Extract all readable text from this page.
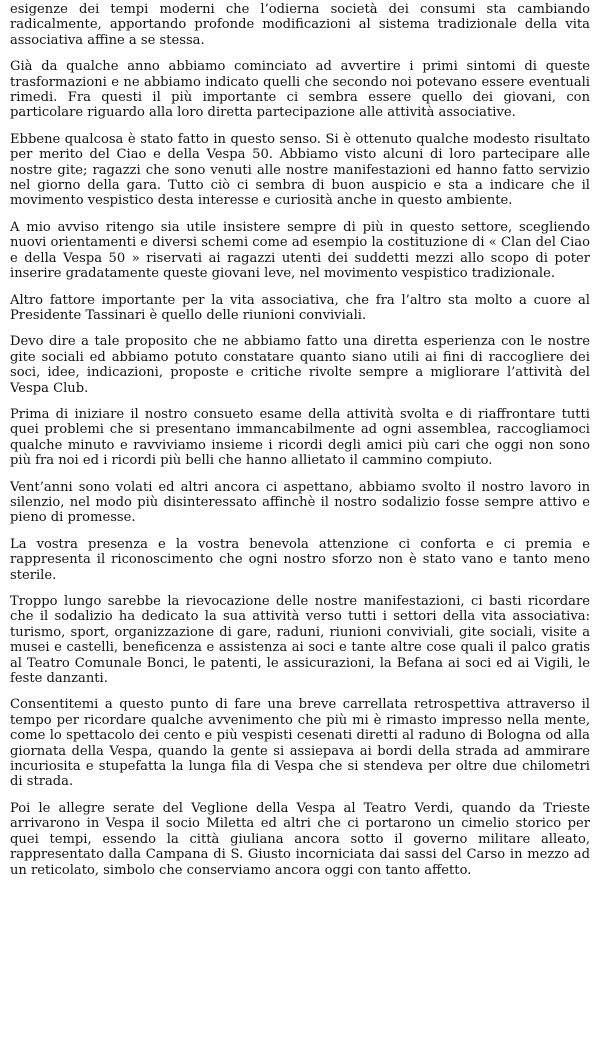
esigenze dei tempi moderni che l’odierna società dei consumi sta cambiando radicalmente, apportando profonde modificazioni al sistema tradizionale della vita associativa affine a se stessa.

Già da qualche anno abbiamo cominciato ad avvertire i primi sintomi di queste trasformazioni e ne abbiamo indicato quelli che secondo noi potevano essere eventuali rimedi. Fra questi il più importante ci sembra essere quello dei giovani, con particolare riguardo alla loro diretta partecipazione alle attività associative.

Ebbene qualcosa è stato fatto in questo senso. Si è ottenuto qualche modesto risultato per merito del Ciao e della Vespa 50. Abbiamo visto alcuni di loro partecipare alle nostre gite; ragazzi che sono venuti alle nostre manifestazioni ed hanno fatto servizio nel giorno della gara. Tutto ciò ci sembra di buon auspicio e sta a indicare che il movimento vespistico desta interesse e curiosità anche in questo ambiente.

A mio avviso ritengo sia utile insistere sempre di più in questo settore, scegliendo nuovi orientamenti e diversi schemi come ad esempio la costituzione di « Clan del Ciao e della Vespa 50 » riservati ai ragazzi utenti dei suddetti mezzi allo scopo di poter inserire gradatamente queste giovani leve, nel movimento vespistico tradizionale.

Altro fattore importante per la vita associativa, che fra l’altro sta molto a cuore al Presidente Tassinari è quello delle riunioni conviviali.

Devo dire a tale proposito che ne abbiamo fatto una diretta esperienza con le nostre gite sociali ed abbiamo potuto constatare quanto siano utili ai fini di raccogliere dei soci, idee, indicazioni, proposte e critiche rivolte sempre a migliorare l’attività del Vespa Club.

Prima di iniziare il nostro consueto esame della attività svolta e di riaffrontare tutti quei problemi che si presentano immancabilmente ad ogni assemblea, raccogliamoci qualche minuto e ravviviamo insieme i ricordi degli amici più cari che oggi non sono più fra noi ed i ricordi più belli che hanno allietato il cammino compiuto.

Vent’anni sono volati ed altri ancora ci aspettano, abbiamo svolto il nostro lavoro in silenzio, nel modo più disinteressato affinchè il nostro sodalizio fosse sempre attivo e pieno di promesse.

La vostra presenza e la vostra benevola attenzione ci conforta e ci premia e rappresenta il riconoscimento che ogni nostro sforzo non è stato vano e tanto meno sterile.

Troppo lungo sarebbe la rievocazione delle nostre manifestazioni, ci basti ricordare che il sodalizio ha dedicato la sua attività verso tutti i settori della vita associativa: turismo, sport, organizzazione di gare, raduni, riunioni conviviali, gite sociali, visite a musei e castelli, beneficenza e assistenza ai soci e tante altre cose quali il palco gratis al Teatro Comunale Bonci, le patenti, le assicurazioni, la Befana ai soci ed ai Vigili, le feste danzanti.

Consentitemi a questo punto di fare una breve carrellata retrospettiva attraverso il tempo per ricordare qualche avvenimento che più mi è rimasto impresso nella mente, come lo spettacolo dei cento e più vespisti cesenati diretti al raduno di Bologna od alla giornata della Vespa, quando la gente si assiepava ai bordi della strada ad ammirare incuriosita e stupefatta la lunga fila di Vespa che si stendeva per oltre due chilometri di strada.

Poi le allegre serate del Veglione della Vespa al Teatro Verdi, quando da Trieste arrivarono in Vespa il socio Miletta ed altri che ci portarono un cimelio storico per quei tempi, essendo la città giuliana ancora sotto il governo militare alleato, rappresentato dalla Campana di S. Giusto incorniciata dai sassi del Carso in mezzo ad un reticolato, simbolo che conserviamo ancora oggi con tanto affetto.
